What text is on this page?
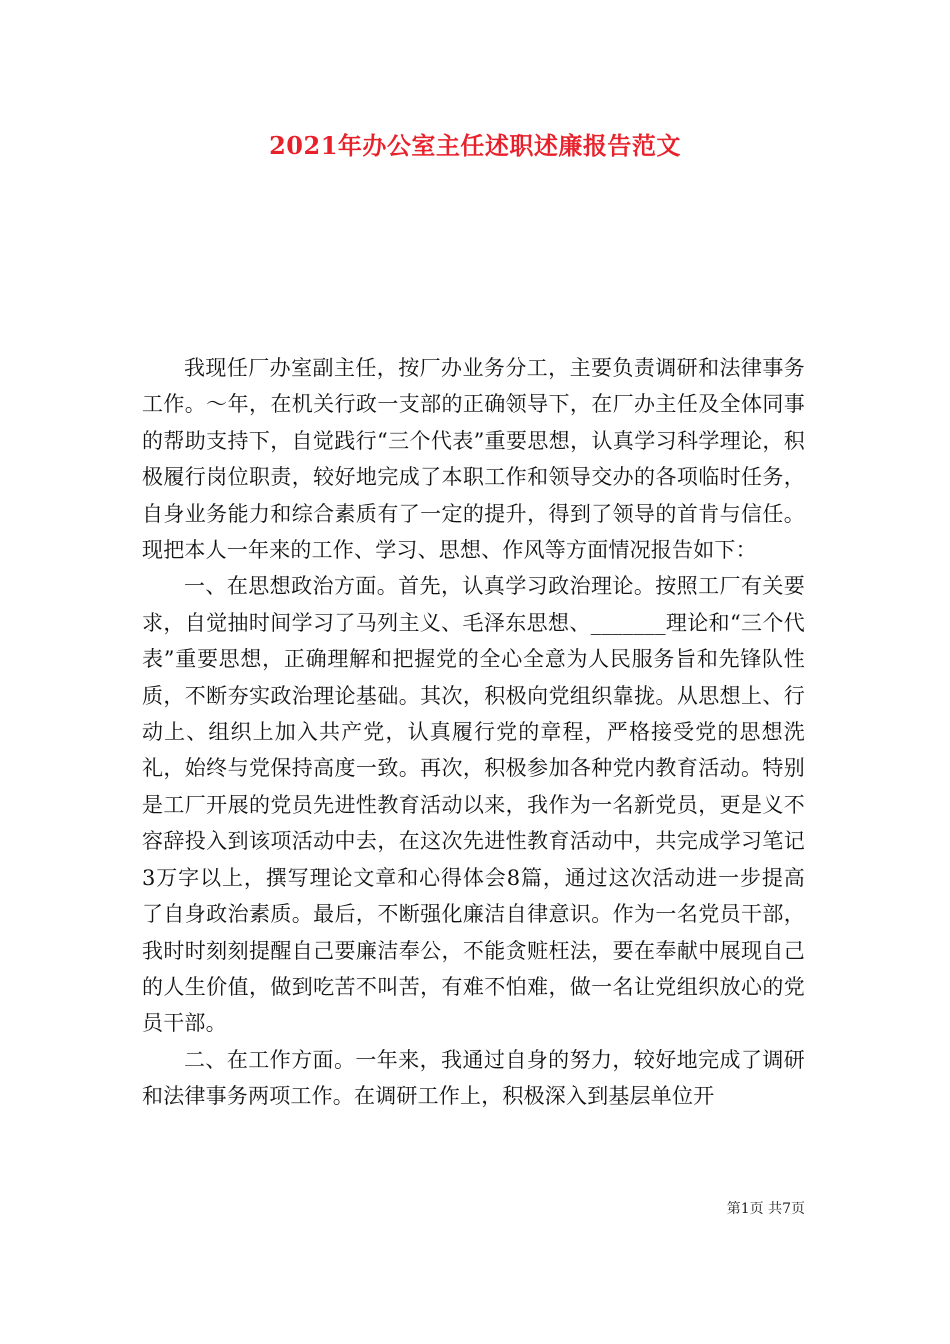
2021年办公室主任述职述廉报告范文

我现任厂办室副主任，按厂办业务分工，主要负责调研和法律事务工作。～年，在机关行政一支部的正确领导下，在厂办主任及全体同事的帮助支持下，自觉践行“三个代表”重要思想，认真学习科学理论，积极履行岗位职责，较好地完成了本职工作和领导交办的各项临时任务，自身业务能力和综合素质有了一定的提升，得到了领导的首肯与信任。现把本人一年来的工作、学习、思想、作风等方面情况报告如下：

一、在思想政治方面。首先，认真学习政治理论。按照工厂有关要求，自觉抽时间学习了马列主义、毛泽东思想、_______理论和“三个代表”重要思想，正确理解和把握党的全心全意为人民服务旨和先锋队性质，不断夯实政治理论基础。其次，积极向党组织靠拢。从思想上、行动上、组织上加入共产党，认真履行党的章程，严格接受党的思想洗礼，始终与党保持高度一致。再次，积极参加各种党内教育活动。特别是工厂开展的党员先进性教育活动以来，我作为一名新党员，更是义不容辞投入到该项活动中去，在这次先进性教育活动中，共完成学习笔记3万字以上，撰写理论文章和心得体会8篇，通过这次活动进一步提高了自身政治素质。最后，不断强化廉洁自律意识。作为一名党员干部，我时时刻刻提醒自己要廉洁奉公，不能贪赃枉法，要在奉献中展现自己的人生价值，做到吃苦不叫苦，有难不怕难，做一名让党组织放心的党员干部。

二、在工作方面。一年来，我通过自身的努力，较好地完成了调研和法律事务两项工作。在调研工作上，积极深入到基层单位开

第1页 共7页
